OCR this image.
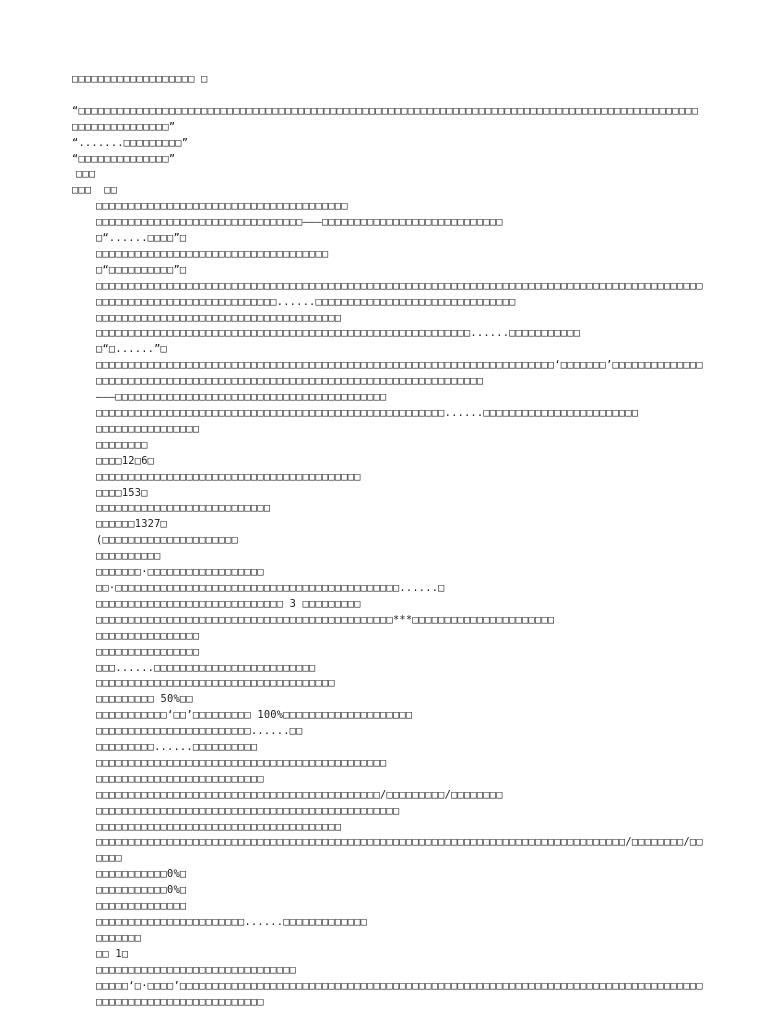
□□□□□□□□□□□□□□□□□□□ □
“□□□□□□□□□□□□□□□□□□□□□□□□□□□□□□□□□□□□□□□□□□□□□□□□□□□□□□□□□□□□□□□□□□□□□□□□□□□□□□□□□□□□□□□□□□□□□□□□□□□□□□□□□□□□□□□”
“.......□□□□□□□□□”
“□□□□□□□□□□□□□□”
□□□
□□□  □□
□□□□□□□□□□□□□□□□□□□□□□□□□□□□□□□□□□□□□□□
□□□□□□□□□□□□□□□□□□□□□□□□□□□□□□□□———□□□□□□□□□□□□□□□□□□□□□□□□□□□□
□“......□□□□”□
□□□□□□□□□□□□□□□□□□□□□□□□□□□□□□□□□□□□
□“□□□□□□□□□□”□
□□□□□□□□□□□□□□□□□□□□□□□□□□□□□□□□□□□□□□□□□□□□□□□□□□□□□□□□□□□□□□□□□□□□□□□□□□□□□□□□□□□□□□□□□□□□□□□□□□□□□□□□□□□□□□□□□□□□□□□□□□......□□□□□□□□□□□□□□□□□□□□□□□□□□□□□□□
□□□□□□□□□□□□□□□□□□□□□□□□□□□□□□□□□□□□□□
□□□□□□□□□□□□□□□□□□□□□□□□□□□□□□□□□□□□□□□□□□□□□□□□□□□□□□□□□□......□□□□□□□□□□□
□“□......”□
□□□□□□□□□□□□□□□□□□□□□□□□□□□□□□□□□□□□□□□□□□□□□□□□□□□□□□□□□□□□□□□□□□□□□□□‘□□□□□□□’□□□□□□□□□□□□□□□□□□□□□□□□□□□□□□□□□□□□□□□□□□□□□□□□□□□□□□□□□□□□□□□□□□□□□□□□□□
———□□□□□□□□□□□□□□□□□□□□□□□□□□□□□□□□□□□□□□□□□□
□□□□□□□□□□□□□□□□□□□□□□□□□□□□□□□□□□□□□□□□□□□□□□□□□□□□□□......□□□□□□□□□□□□□□□□□□□□□□□□
□□□□□□□□□□□□□□□□
□□□□□□□□
□□□□12□6□
□□□□□□□□□□□□□□□□□□□□□□□□□□□□□□□□□□□□□□□□□
□□□□153□
□□□□□□□□□□□□□□□□□□□□□□□□□□□
□□□□□□1327□
(□□□□□□□□□□□□□□□□□□□□□
□□□□□□□□□□
□□□□□□□·□□□□□□□□□□□□□□□□□□
□□·□□□□□□□□□□□□□□□□□□□□□□□□□□□□□□□□□□□□□□□□□□□□......□
□□□□□□□□□□□□□□□□□□□□□□□□□□□□□ 3 □□□□□□□□□
□□□□□□□□□□□□□□□□□□□□□□□□□□□□□□□□□□□□□□□□□□□□□□***□□□□□□□□□□□□□□□□□□□□□□
□□□□□□□□□□□□□□□□
□□□□□□□□□□□□□□□□
□□□......□□□□□□□□□□□□□□□□□□□□□□□□□
□□□□□□□□□□□□□□□□□□□□□□□□□□□□□□□□□□□□□
□□□□□□□□□ 50%□□
□□□□□□□□□□□‘□□’□□□□□□□□□ 100%□□□□□□□□□□□□□□□□□□□□
□□□□□□□□□□□□□□□□□□□□□□□□......□□
□□□□□□□□□......□□□□□□□□□□
□□□□□□□□□□□□□□□□□□□□□□□□□□□□□□□□□□□□□□□□□□□□□
□□□□□□□□□□□□□□□□□□□□□□□□□□
□□□□□□□□□□□□□□□□□□□□□□□□□□□□□□□□□□□□□□□□□□□□/□□□□□□□□□/□□□□□□□□
□□□□□□□□□□□□□□□□□□□□□□□□□□□□□□□□□□□□□□□□□□□□□□□
□□□□□□□□□□□□□□□□□□□□□□□□□□□□□□□□□□□□□□
□□□□□□□□□□□□□□□□□□□□□□□□□□□□□□□□□□□□□□□□□□□□□□□□□□□□□□□□□□□□□□□□□□□□□□□□□□□□□□□□□□/□□□□□□□□/□□□□□□
□□□□□□□□□□□0%□
□□□□□□□□□□□0%□
□□□□□□□□□□□□□□
□□□□□□□□□□□□□□□□□□□□□□□......□□□□□□□□□□□□□
□□□□□□□
□□ 1□
□□□□□□□□□□□□□□□□□□□□□□□□□□□□□□□
□□□□□‘□·□□□□’□□□□□□□□□□□□□□□□□□□□□□□□□□□□□□□□□□□□□□□□□□□□□□□□□□□□□□□□□□□□□□□□□□□□□□□□□□□□□□□□□□□□□□□□□□□□□□□□□□□□□□□□□□□
